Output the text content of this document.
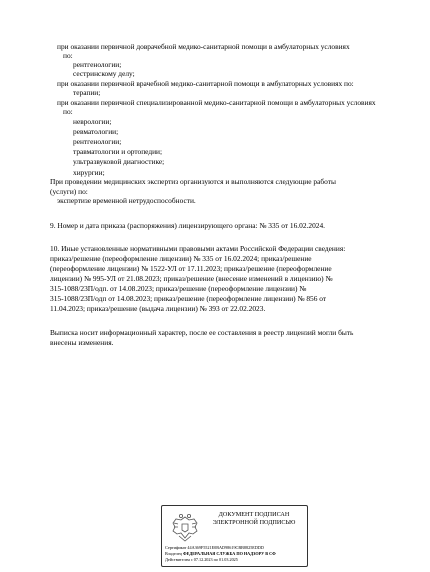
при оказании первичной доврачебной медико-санитарной помощи в амбулаторных условиях
по:
рентгенологии;
сестринскому делу;
при оказании первичной врачебной медико-санитарной помощи в амбулаторных условиях по:
терапии;
при оказании первичной специализированной медико-санитарной помощи в амбулаторных условиях
по:
неврологии;
ревматологии;
рентгенологии;
травматологии и ортопедии;
ультразвуковой диагностике;
хирургии;
При проведении медицинских экспертиз организуются и выполняются следующие работы
(услуги) по:
экспертизе временной нетрудоспособности.
9. Номер и дата приказа (распоряжения) лицензирующего органа: № 335 от 16.02.2024.
10. Иные установленные нормативными правовыми актами Российской Федерации сведения:
приказ/решение (переоформление лицензии) № 335 от 16.02.2024; приказ/решение
(переоформление лицензии) № 1522-УЛ от 17.11.2023; приказ/решение (переоформление
лицензии) № 995-УЛ от 21.08.2023; приказ/решение (внесение изменений в лицензию) №
315-1088/23П/одп. от 14.08.2023; приказ/решение (переоформление лицензии) №
315-1088/23П/одп от 14.08.2023; приказ/решение (переоформление лицензии) № 856 от
11.04.2023; приказ/решение (выдача лицензии) № 393 от 22.02.2023.
Выписка носит информационный характер, после ее составления в реестр лицензий могли быть
внесены изменения.
ДОКУМЕНТ ПОДПИСАН
ЭЛЕКТРОННОЙ ПОДПИСЬЮ
Сертификат 44A369F5521E0BAD98619CBB8825EDDD
Владелец ФЕДЕРАЛЬНАЯ СЛУЖБА ПО НАДЗОРУ В СФ
Действителен с 07.12.2023 по 01.03.2025
